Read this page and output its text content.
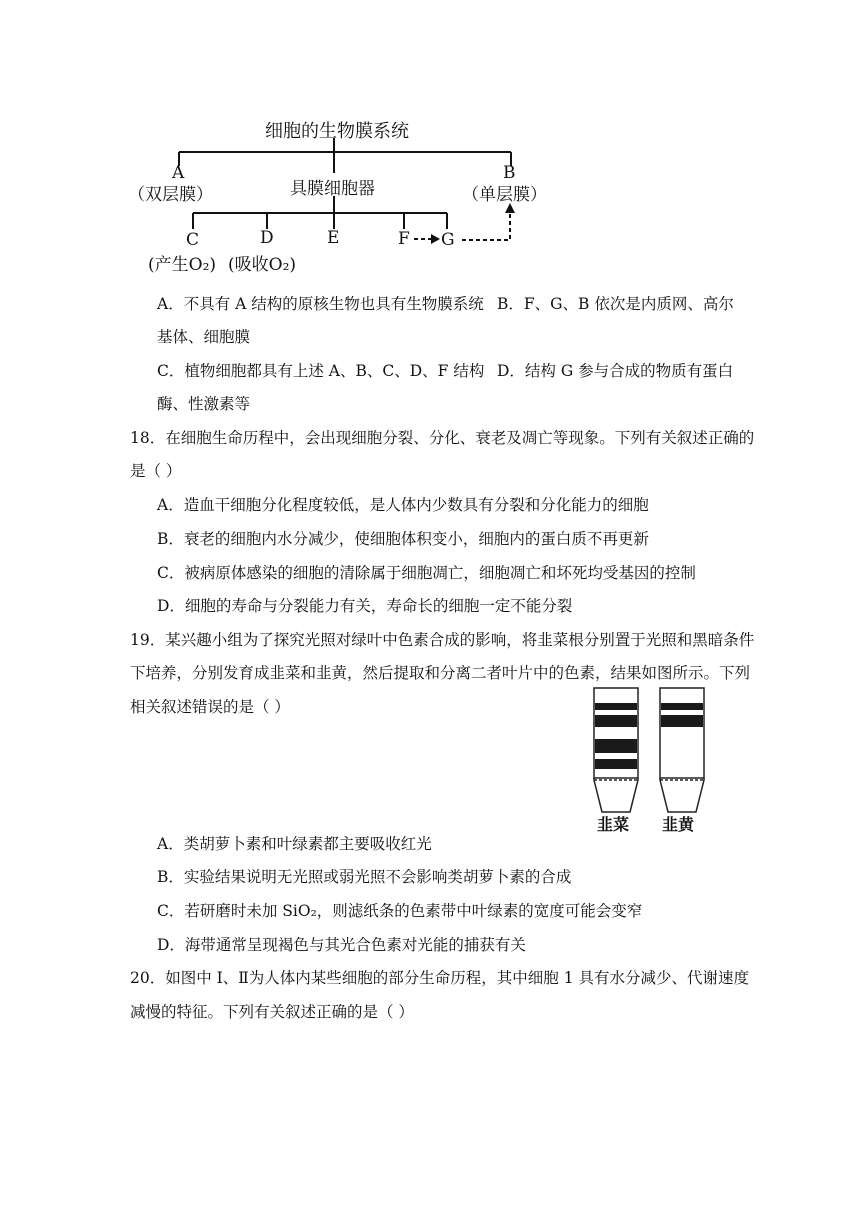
细胞的生物膜系统
A
（双层膜）	具膜细胞器
B
（单层膜）
C
(产生O₂)
D
(吸收O₂)
E	F G
A．不具有 A 结构的原核生物也具有生物膜系统 B．F、G、B 依次是内质网、高尔
基体、细胞膜
C．植物细胞都具有上述 A、B、C、D、F 结构 D．结构 G 参与合成的物质有蛋白
酶、性激素等
18．在细胞生命历程中，会出现细胞分裂、分化、衰老及凋亡等现象。下列有关叙述正确的
是（ ）
A．造血干细胞分化程度较低，是人体内少数具有分裂和分化能力的细胞
B．衰老的细胞内水分减少，使细胞体积变小，细胞内的蛋白质不再更新
C．被病原体感染的细胞的清除属于细胞凋亡，细胞凋亡和坏死均受基因的控制
D．细胞的寿命与分裂能力有关，寿命长的细胞一定不能分裂
19．某兴趣小组为了探究光照对绿叶中色素合成的影响，将韭菜根分别置于光照和黑暗条件
下培养，分别发育成韭菜和韭黄，然后提取和分离二者叶片中的色素，结果如图所示。下列
相关叙述错误的是（ ）
韭菜 韭黄
A．类胡萝卜素和叶绿素都主要吸收红光
B．实验结果说明无光照或弱光照不会影响类胡萝卜素的合成
C．若研磨时未加 SiO₂，则滤纸条的色素带中叶绿素的宽度可能会变窄
D．海带通常呈现褐色与其光合色素对光能的捕获有关
20．如图中 I、Ⅱ为人体内某些细胞的部分生命历程，其中细胞 1 具有水分减少、代谢速度
减慢的特征。下列有关叙述正确的是（ ）
